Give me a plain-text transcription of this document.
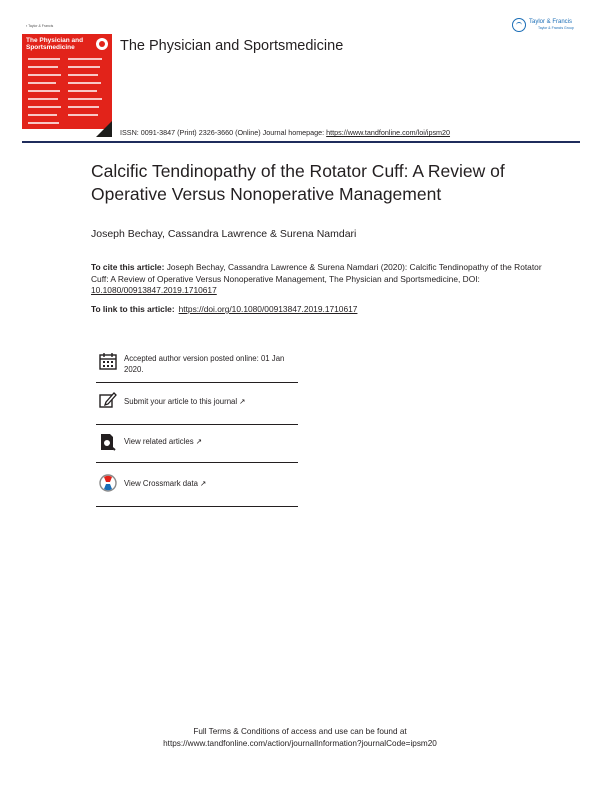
▪ Taylor & Francis
The Physician and
Sportsmedicine	The Physician and Sportsmedicine
Taylor & Francis
Taylor & Francis Group
ISSN: 0091-3847 (Print) 2326-3660 (Online) Journal homepage: https://www.tandfonline.com/loi/ipsm20
Calcific Tendinopathy of the Rotator Cuff: A Review of Operative Versus Nonoperative Management
Joseph Bechay, Cassandra Lawrence & Surena Namdari
To cite this article: Joseph Bechay, Cassandra Lawrence & Surena Namdari (2020): Calcific Tendinopathy of the Rotator Cuff: A Review of Operative Versus Nonoperative Management, The Physician and Sportsmedicine, DOI: 10.1080/00913847.2019.1710617
To link to this article: https://doi.org/10.1080/00913847.2019.1710617
Accepted author version posted online: 01 Jan 2020.
Submit your article to this journal ↗
View related articles ↗
View Crossmark data ↗
Full Terms & Conditions of access and use can be found at
https://www.tandfonline.com/action/journalInformation?journalCode=ipsm20
